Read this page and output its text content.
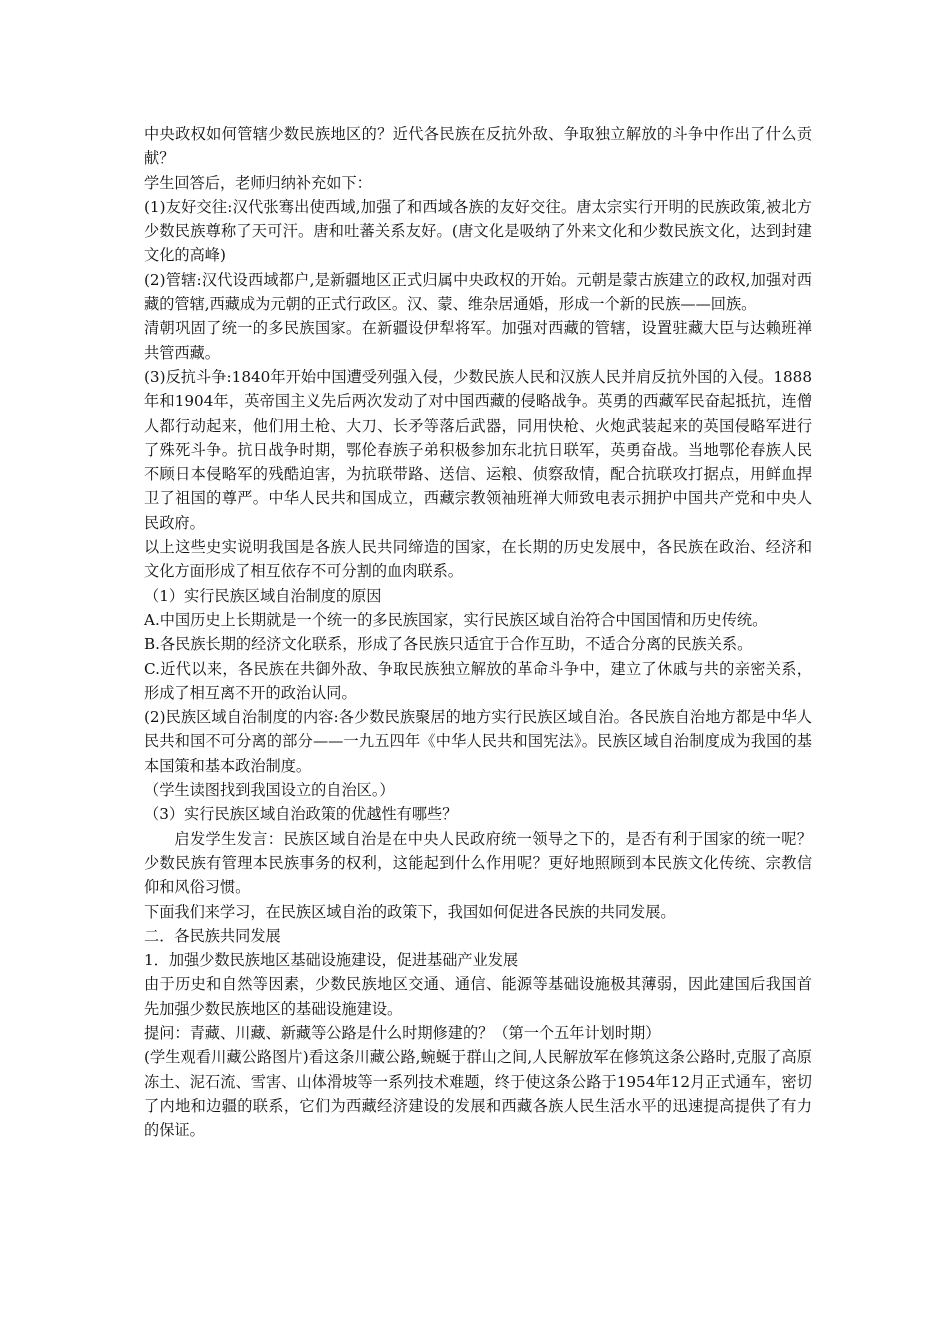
中央政权如何管辖少数民族地区的？近代各民族在反抗外敌、争取独立解放的斗争中作出了什么贡献？

学生回答后，老师归纳补充如下：

(1)友好交往:汉代张骞出使西域,加强了和西域各族的友好交往。唐太宗实行开明的民族政策,被北方少数民族尊称了天可汗。唐和吐蕃关系友好。(唐文化是吸纳了外来文化和少数民族文化，达到封建文化的高峰)

(2)管辖:汉代设西域都户,是新疆地区正式归属中央政权的开始。元朝是蒙古族建立的政权,加强对西藏的管辖,西藏成为元朝的正式行政区。汉、蒙、维杂居通婚，形成一个新的民族——回族。

清朝巩固了统一的多民族国家。在新疆设伊犁将军。加强对西藏的管辖，设置驻藏大臣与达赖班禅共管西藏。

(3)反抗斗争:1840年开始中国遭受列强入侵，少数民族人民和汉族人民并肩反抗外国的入侵。1888年和1904年，英帝国主义先后两次发动了对中国西藏的侵略战争。英勇的西藏军民奋起抵抗，连僧人都行动起来，他们用土枪、大刀、长矛等落后武器，同用快枪、火炮武装起来的英国侵略军进行了殊死斗争。抗日战争时期，鄂伦春族子弟积极参加东北抗日联军，英勇奋战。当地鄂伦春族人民不顾日本侵略军的残酷迫害，为抗联带路、送信、运粮、侦察敌情，配合抗联攻打据点，用鲜血捍卫了祖国的尊严。中华人民共和国成立，西藏宗教领袖班禅大师致电表示拥护中国共产党和中央人民政府。

以上这些史实说明我国是各族人民共同缔造的国家，在长期的历史发展中，各民族在政治、经济和文化方面形成了相互依存不可分割的血肉联系。

（1）实行民族区域自治制度的原因

A.中国历史上长期就是一个统一的多民族国家，实行民族区域自治符合中国国情和历史传统。

B.各民族长期的经济文化联系，形成了各民族只适宜于合作互助，不适合分离的民族关系。

C.近代以来，各民族在共御外敌、争取民族独立解放的革命斗争中，建立了休戚与共的亲密关系，形成了相互离不开的政治认同。

(2)民族区域自治制度的内容:各少数民族聚居的地方实行民族区域自治。各民族自治地方都是中华人民共和国不可分离的部分——一九五四年《中华人民共和国宪法》。民族区域自治制度成为我国的基本国策和基本政治制度。

（学生读图找到我国设立的自治区。）

（3）实行民族区域自治政策的优越性有哪些？

启发学生发言：民族区域自治是在中央人民政府统一领导之下的，是否有利于国家的统一呢？少数民族有管理本民族事务的权利，这能起到什么作用呢？更好地照顾到本民族文化传统、宗教信仰和风俗习惯。

下面我们来学习，在民族区域自治的政策下，我国如何促进各民族的共同发展。

二．各民族共同发展

1．加强少数民族地区基础设施建设，促进基础产业发展

由于历史和自然等因素，少数民族地区交通、通信、能源等基础设施极其薄弱，因此建国后我国首先加强少数民族地区的基础设施建设。

提问：青藏、川藏、新藏等公路是什么时期修建的？（第一个五年计划时期）

(学生观看川藏公路图片)看这条川藏公路,蜿蜒于群山之间,人民解放军在修筑这条公路时,克服了高原冻土、泥石流、雪害、山体滑坡等一系列技术难题，终于使这条公路于1954年12月正式通车，密切了内地和边疆的联系，它们为西藏经济建设的发展和西藏各族人民生活水平的迅速提高提供了有力的保证。
